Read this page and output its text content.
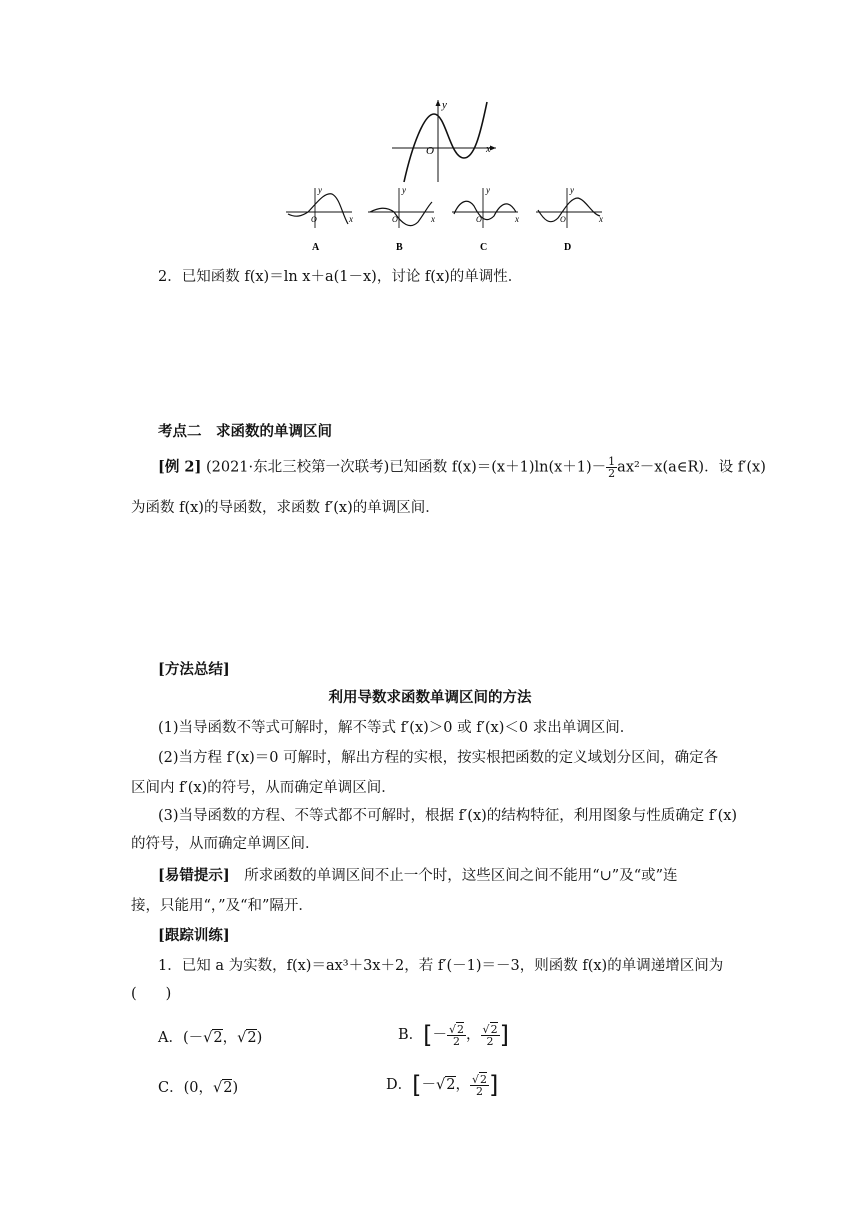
y
O	x
y
x
O
y
x
O
y
x
O
y
x
O
A	B	C	D
2．已知函数 f(x)＝ln x＋a(1－x)，讨论 f(x)的单调性．
考点二　求函数的单调区间
[例 2] (2021·东北三校第一次联考)已知函数 $f(x)=(x+1)\ln(x+1)- \frac{1}{2}$ ax²－x(a∈R)．设 f′(x)
为函数 f(x)的导函数，求函数 f′(x)的单调区间．
[方法总结]
利用导数求函数单调区间的方法
(1)当导函数不等式可解时，解不等式 f′(x)＞0 或 f′(x)＜0 求出单调区间．
(2)当方程 f′(x)＝0 可解时，解出方程的实根，按实根把函数的定义域划分区间，确定各
区间内 f′(x)的符号，从而确定单调区间．
(3)当导函数的方程、不等式都不可解时，根据 f′(x)的结构特征，利用图象与性质确定 f′(x)
的符号，从而确定单调区间．
[易错提示]　所求函数的单调区间不止一个时，这些区间之间不能用“∪”及“或”连
接，只能用“，”及“和”隔开．
[跟踪训练]
1．已知 a 为实数，f(x)＝ax³＋3x＋2，若 f′(－1)＝－3，则函数 f(x)的单调递增区间为
(　　)
A．(－√2，√2)	B．[－ $\frac{√2}{2}$ ， $\frac{√2}{2}$ ]
C．(0，√2)	D．[－√2， $\frac{√2}{2}$ ]
